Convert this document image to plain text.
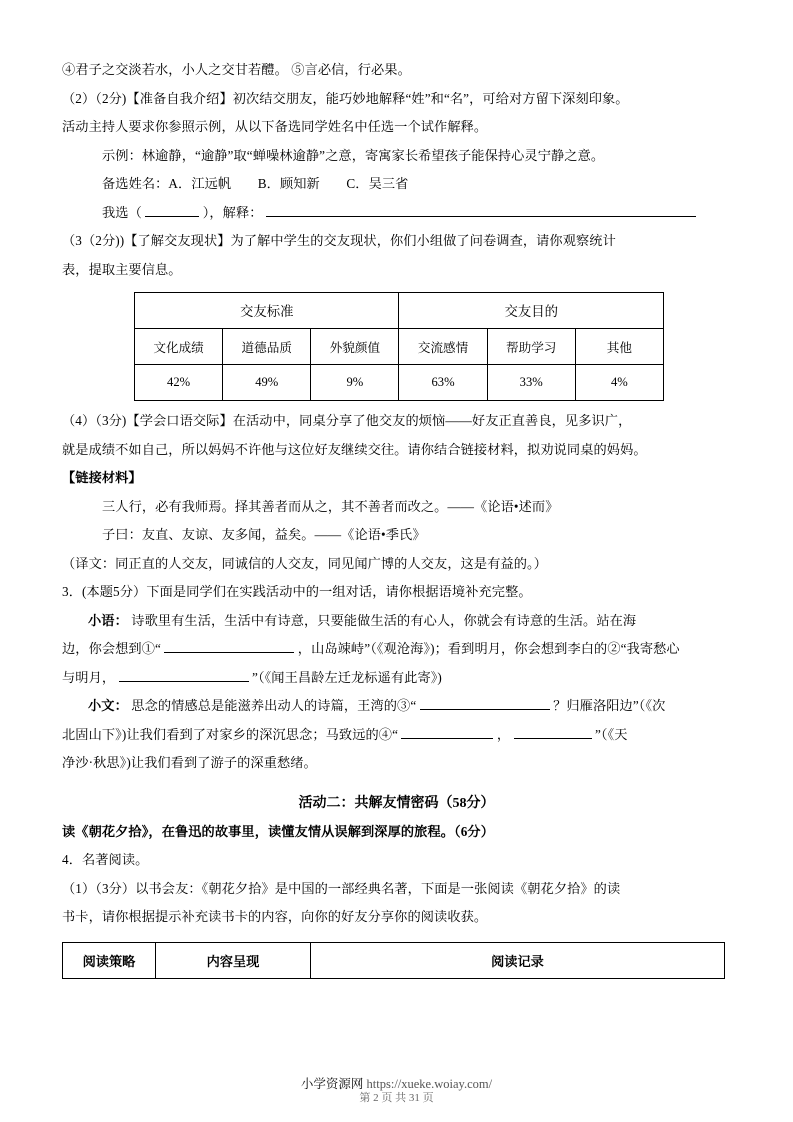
④君子之交淡若水，小人之交甘若醴。 ⑤言必信，行必果。

（2）（2分)【准备自我介绍】初次结交朋友，能巧妙地解释“姓”和“名”，可给对方留下深刻印象。

活动主持人要求你参照示例，从以下备选同学姓名中任选一个试作解释。

示例：林逾静，“逾静”取“蝉噪林逾静”之意，寄寓家长希望孩子能保持心灵宁静之意。

备选姓名：A．江远帆　　B．顾知新　　C．吴三省

我选（	），解释：

（3（2分))【了解交友现状】为了解中学生的交友现状，你们小组做了问卷调查，请你观察统计

表，提取主要信息。

交友标准			交友目的		
文化成绩	道德品质	外貌颜值	交流感情	帮助学习	其他
42%	49%	9%	63%	33%	4%

（4）（3分)【学会口语交际】在活动中，同桌分享了他交友的烦恼——好友正直善良，见多识广，

就是成绩不如自己，所以妈妈不许他与这位好友继续交往。请你结合链接材料，拟劝说同桌的妈妈。

【链接材料】

三人行，必有我师焉。择其善者而从之，其不善者而改之。——《论语•述而》

子曰：友直、友谅、友多闻，益矣。——《论语•季氏》

（译文：同正直的人交友，同诚信的人交友，同见闻广博的人交友，这是有益的。）

3．(本题5分）下面是同学们在实践活动中的一组对话，请你根据语境补充完整。

小语： 诗歌里有生活，生活中有诗意，只要能做生活的有心人，你就会有诗意的生活。站在海

边，你会想到①“	，山岛竦峙”（《观沧海》)；看到明月，你会想到李白的②“我寄愁心

与明月，	”（《闻王昌龄左迁龙标遥有此寄》)

小文： 思念的情感总是能滋养出动人的诗篇，王湾的③“	？归雁洛阳边”（《次

北固山下》)让我们看到了对家乡的深沉思念；马致远的④“	，	”（《天

净沙·秋思》)让我们看到了游子的深重愁绪。

活动二：共解友情密码（58分）

读《朝花夕拾》，在鲁迅的故事里，读懂友情从误解到深厚的旅程。（6分）

4．名著阅读。

（1）（3分）以书会友：《朝花夕拾》是中国的一部经典名著，下面是一张阅读《朝花夕拾》的读

书卡，请你根据提示补充读书卡的内容，向你的好友分享你的阅读收获。

阅读策略	内容呈现	阅读记录
小学资源网 https://xueke.woiay.com/
第 2 页 共 31 页
